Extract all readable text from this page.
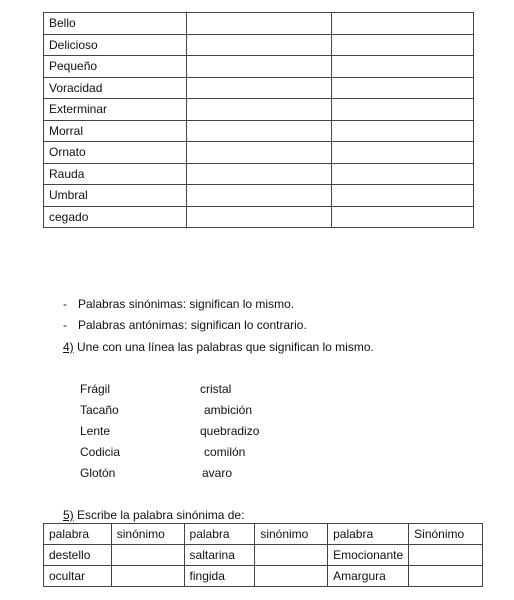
Bello		
Delicioso		
Pequeño		
Voracidad		
Exterminar		
Morral		
Ornato		
Rauda		
Umbral		
cegado		
- Palabras sinónimas: significan lo mismo.
- Palabras antónimas: significan lo contrario.
4) Une con una línea las palabras que significan lo mismo.
Frágil	cristal
Tacaño	ambición
Lente	quebradizo
Codicia	comilón
Glotón	avaro
5) Escribe la palabra sinónima de:
palabra	sinónimo	palabra	sinónimo	palabra	Sinónimo
destello		saltarina		Emocionante	
ocultar		fingida		Amargura	
